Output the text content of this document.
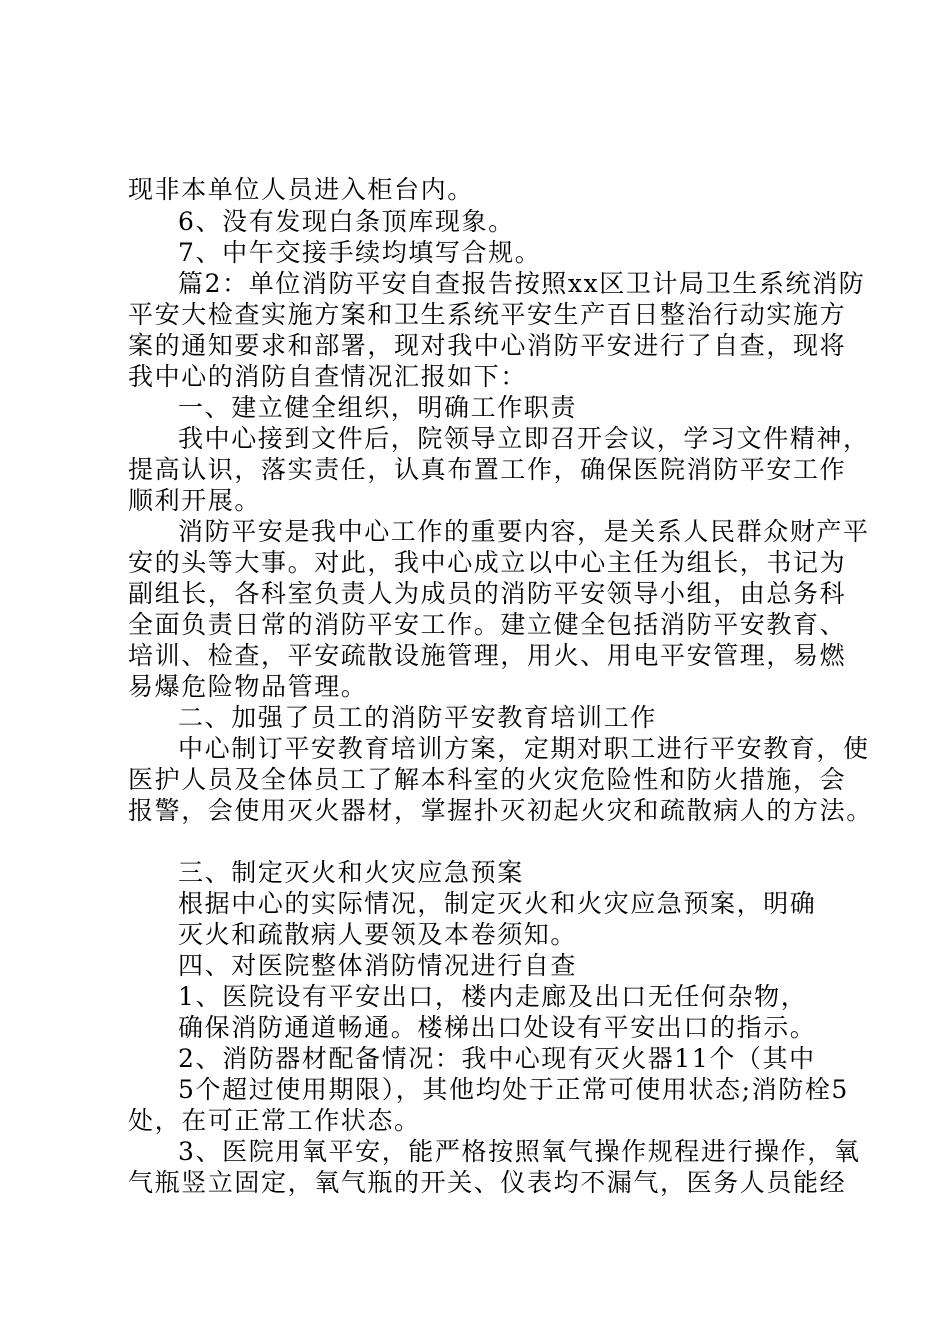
现非本单位人员进入柜台内。
6、没有发现白条顶库现象。
7、中午交接手续均填写合规。
篇2：单位消防平安自查报告按照xx区卫计局卫生系统消防
平安大检查实施方案和卫生系统平安生产百日整治行动实施方
案的通知要求和部署，现对我中心消防平安进行了自查，现将
我中心的消防自查情况汇报如下：
一、建立健全组织，明确工作职责
我中心接到文件后，院领导立即召开会议，学习文件精神，
提高认识，落实责任，认真布置工作，确保医院消防平安工作
顺利开展。
消防平安是我中心工作的重要内容，是关系人民群众财产平
安的头等大事。对此，我中心成立以中心主任为组长，书记为
副组长，各科室负责人为成员的消防平安领导小组，由总务科
全面负责日常的消防平安工作。建立健全包括消防平安教育、
培训、检查，平安疏散设施管理，用火、用电平安管理，易燃
易爆危险物品管理。
二、加强了员工的消防平安教育培训工作
中心制订平安教育培训方案，定期对职工进行平安教育，使
医护人员及全体员工了解本科室的火灾危险性和防火措施，会
报警，会使用灭火器材，掌握扑灭初起火灾和疏散病人的方法。
三、制定灭火和火灾应急预案
根据中心的实际情况，制定灭火和火灾应急预案，明确
灭火和疏散病人要领及本卷须知。
四、对医院整体消防情况进行自查
1、医院设有平安出口，楼内走廊及出口无任何杂物，
确保消防通道畅通。楼梯出口处设有平安出口的指示。
2、消防器材配备情况：我中心现有灭火器11个（其中
5个超过使用期限），其他均处于正常可使用状态;消防栓5
处，在可正常工作状态。
3、医院用氧平安，能严格按照氧气操作规程进行操作，氧
气瓶竖立固定，氧气瓶的开关、仪表均不漏气，医务人员能经
